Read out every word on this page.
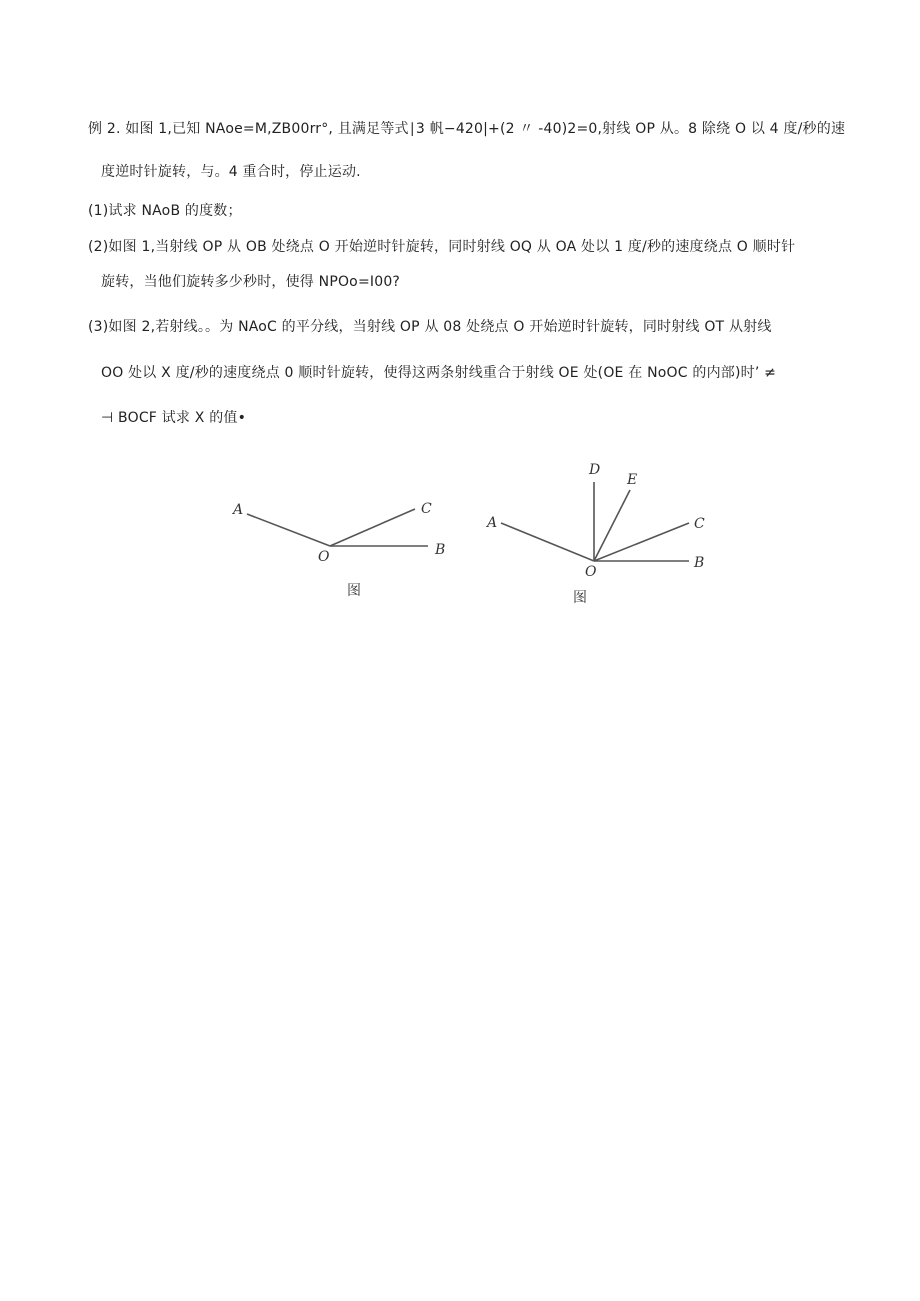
例 2. 如图 1,已知 NAoe=M,ZB00rr°, 且满足等式∣3 帆−420|+(2 〃 -40)2=0,射线 OP 从。8 除绕 O 以 4 度/秒的速
度逆时针旋转，与。4 重合时，停止运动.
(1)试求 NAoB 的度数；
(2)如图 1,当射线 OP 从 OB 处绕点 O 开始逆时针旋转，同时射线 OQ 从 OA 处以 1 度/秒的速度绕点 O 顺时针
旋转，当他们旋转多少秒时，使得 NPOo=I00?
(3)如图 2,若射线。。为 NAoC 的平分线，当射线 OP 从 08 处绕点 O 开始逆时针旋转，同时射线 OT 从射线
OO 处以 X 度/秒的速度绕点 0 顺时针旋转，使得这两条射线重合于射线 OE 处(OE 在 NoOC 的内部)时’ ≠
⊣ BOCF 试求 X 的值•
A
O	B
C
图
A
O
B
C
D
E
图
